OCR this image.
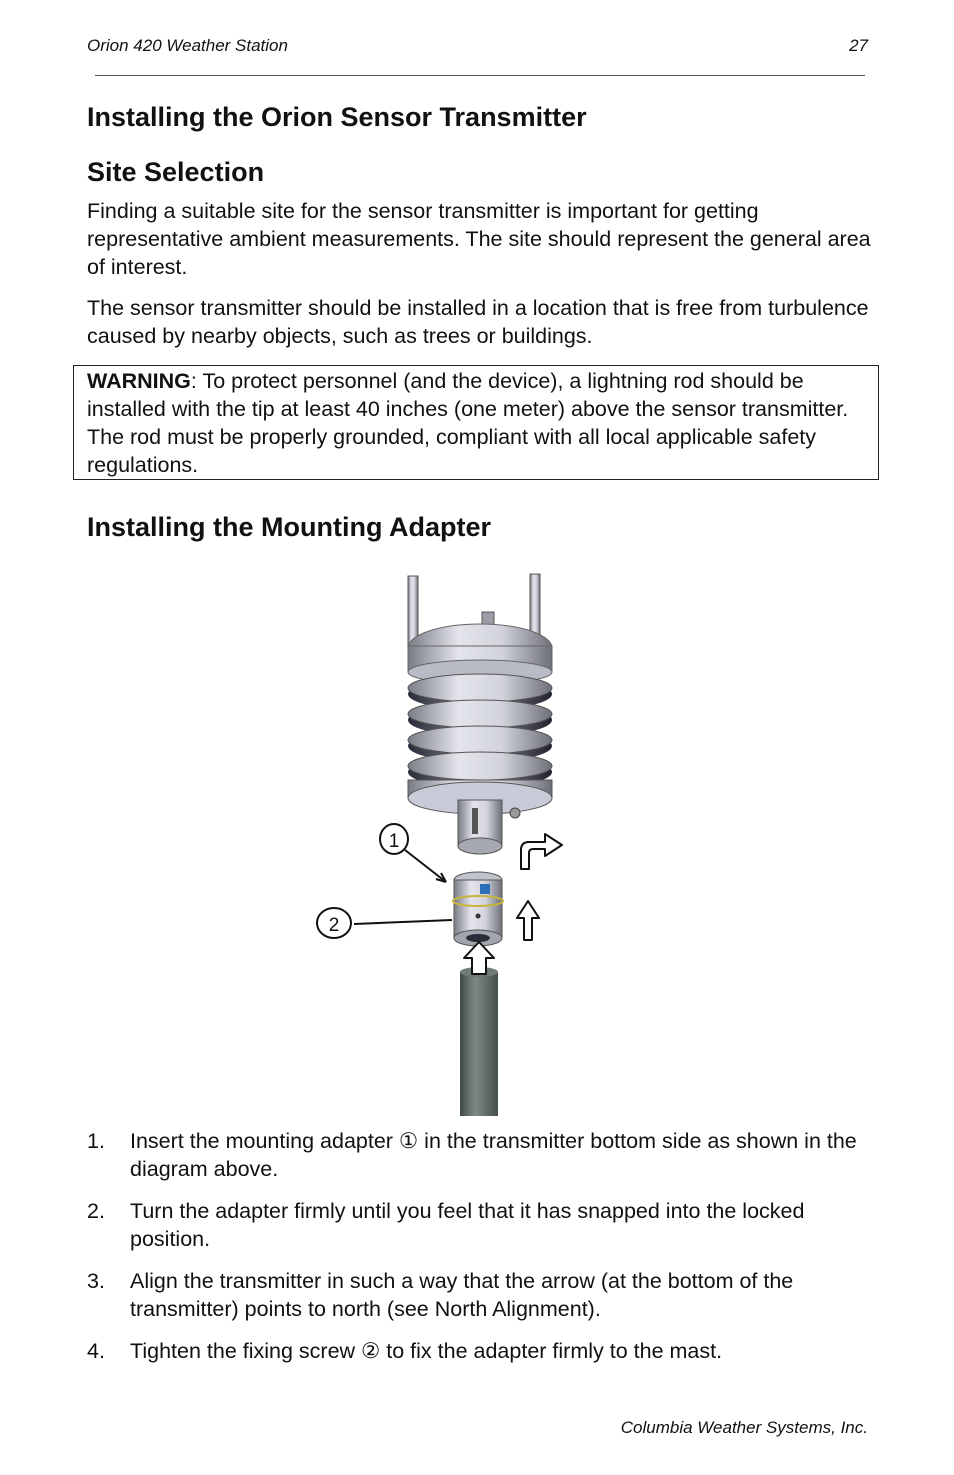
Orion 420 Weather Station	27
Installing the Orion Sensor Transmitter
Site Selection

Finding a suitable site for the sensor transmitter is important for getting representative ambient measurements. The site should represent the general area of interest.

The sensor transmitter should be installed in a location that is free from turbulence caused by nearby objects, such as trees or buildings.

WARNING: To protect personnel (and the device), a lightning rod should be installed with the tip at least 40 inches (one meter) above the sensor transmitter. The rod must be properly grounded, compliant with all local applicable safety regulations.
Installing the Mounting Adapter
1
2
1. Insert the mounting adapter ① in the transmitter bottom side as shown in the diagram above.
2. Turn the adapter firmly until you feel that it has snapped into the locked position.
3. Align the transmitter in such a way that the arrow (at the bottom of the transmitter) points to north (see North Alignment).
4. Tighten the fixing screw ② to fix the adapter firmly to the mast.
Columbia Weather Systems, Inc.
